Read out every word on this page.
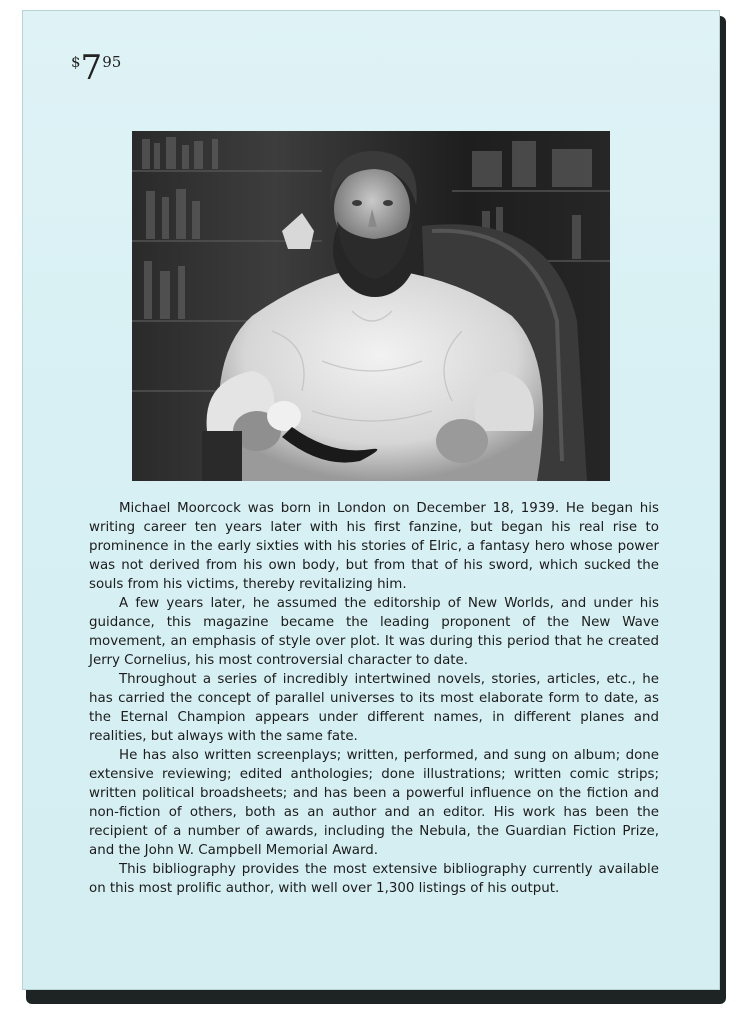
$795

Michael Moorcock was born in London on December 18, 1939. He began his writing career ten years later with his first fanzine, but began his real rise to prominence in the early sixties with his stories of Elric, a fantasy hero whose power was not derived from his own body, but from that of his sword, which sucked the souls from his victims, thereby revitalizing him.

A few years later, he assumed the editorship of New Worlds, and under his guidance, this magazine became the leading proponent of the New Wave movement, an emphasis of style over plot. It was during this period that he created Jerry Cornelius, his most controversial character to date.

Throughout a series of incredibly intertwined novels, stories, articles, etc., he has carried the concept of parallel universes to its most elaborate form to date, as the Eternal Champion appears under different names, in different planes and realities, but always with the same fate.

He has also written screenplays; written, performed, and sung on album; done extensive reviewing; edited anthologies; done illustrations; written comic strips; written political broadsheets; and has been a powerful influence on the fiction and non-fiction of others, both as an author and an editor. His work has been the recipient of a number of awards, including the Nebula, the Guardian Fiction Prize, and the John W. Campbell Memorial Award.

This bibliography provides the most extensive bibliography currently available on this most prolific author, with well over 1,300 listings of his output.
